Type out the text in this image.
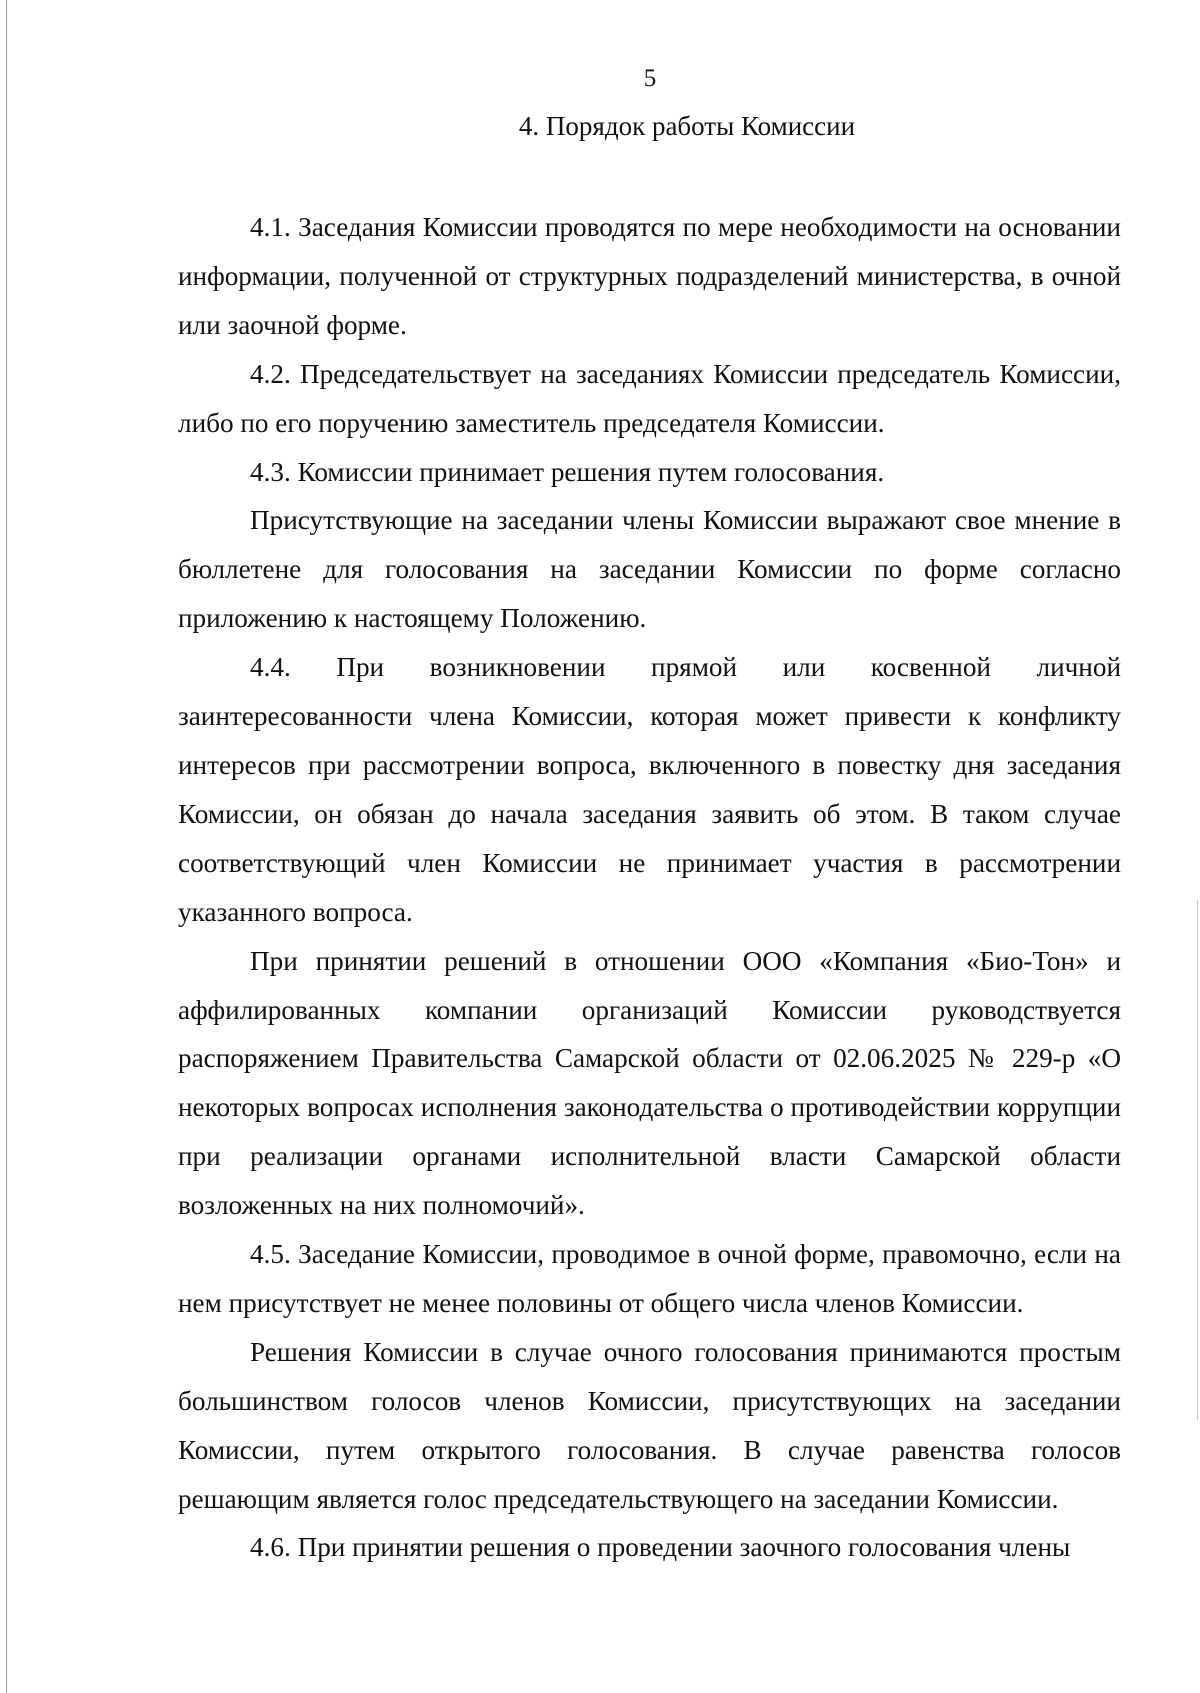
5
4. Порядок работы Комиссии

4.1. Заседания Комиссии проводятся по мере необходимости на основании информации, полученной от структурных подразделений министерства, в очной или заочной форме.

4.2. Председательствует на заседаниях Комиссии председатель Комиссии, либо по его поручению заместитель председателя Комиссии.

4.3. Комиссии принимает решения путем голосования.

Присутствующие на заседании члены Комиссии выражают свое мнение в бюллетене для голосования на заседании Комиссии по форме согласно приложению к настоящему Положению.

4.4. При возникновении прямой или косвенной личной заинтересованности члена Комиссии, которая может привести к конфликту интересов при рассмотрении вопроса, включенного в повестку дня заседания Комиссии, он обязан до начала заседания заявить об этом. В таком случае соответствующий член Комиссии не принимает участия в рассмотрении указанного вопроса.

При принятии решений в отношении ООО «Компания «Био-Тон» и аффилированных компании организаций Комиссии руководствуется распоряжением Правительства Самарской области от 02.06.2025 № 229-р «О некоторых вопросах исполнения законодательства о противодействии коррупции при реализации органами исполнительной власти Самарской области возложенных на них полномочий».

4.5. Заседание Комиссии, проводимое в очной форме, правомочно, если на нем присутствует не менее половины от общего числа членов Комиссии.

Решения Комиссии в случае очного голосования принимаются простым большинством голосов членов Комиссии, присутствующих на заседании Комиссии, путем открытого голосования. В случае равенства голосов решающим является голос председательствующего на заседании Комиссии.

4.6. При принятии решения о проведении заочного голосования члены
